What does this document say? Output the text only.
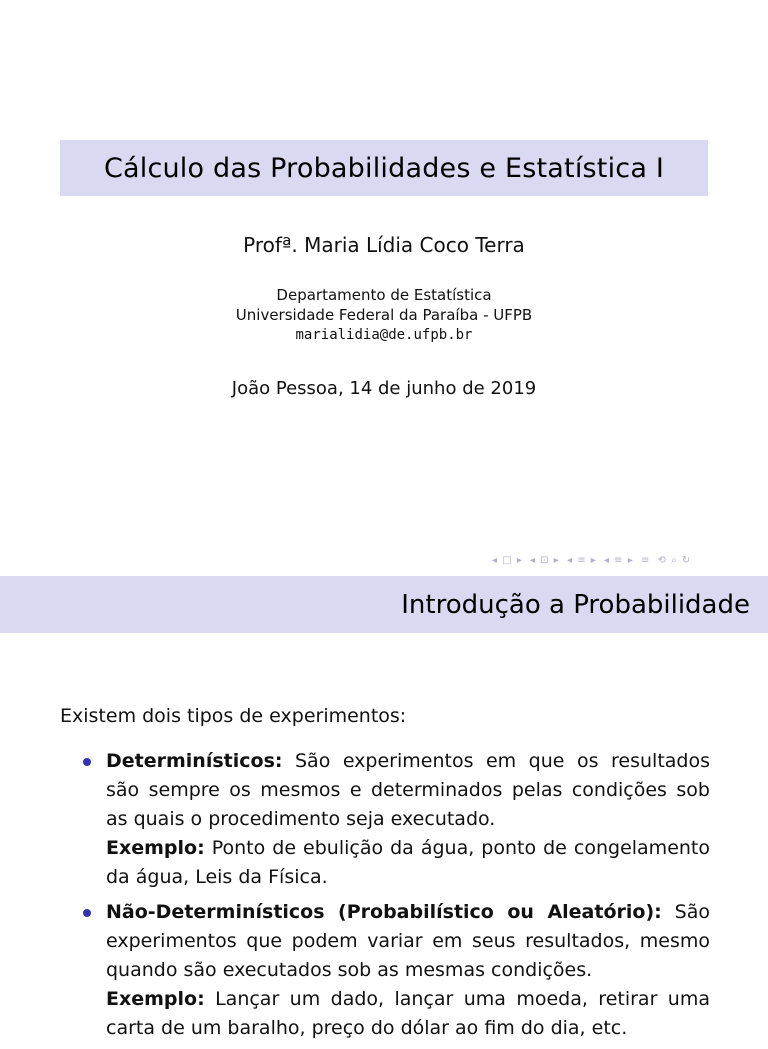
Cálculo das Probabilidades e Estatística I
Profª. Maria Lídia Coco Terra
Departamento de Estatística
Universidade Federal da Paraíba - UFPB
marialidia@de.ufpb.br
João Pessoa, 14 de junho de 2019
◂ □ ▸ ◂ ⊡ ▸ ◂ ≡ ▸ ◂ ≡ ▸ ≡ ⟲ ⌕ ↻
Introdução a Probabilidade
Existem dois tipos de experimentos:
Determinísticos: São experimentos em que os resultados são sempre os mesmos e determinados pelas condições sob as quais o procedimento seja executado.
Exemplo: Ponto de ebulição da água, ponto de congelamento da água, Leis da Física.
Não-Determinísticos (Probabilístico ou Aleatório): São experimentos que podem variar em seus resultados, mesmo quando são executados sob as mesmas condições.
Exemplo: Lançar um dado, lançar uma moeda, retirar uma carta de um baralho, preço do dólar ao fim do dia, etc.
